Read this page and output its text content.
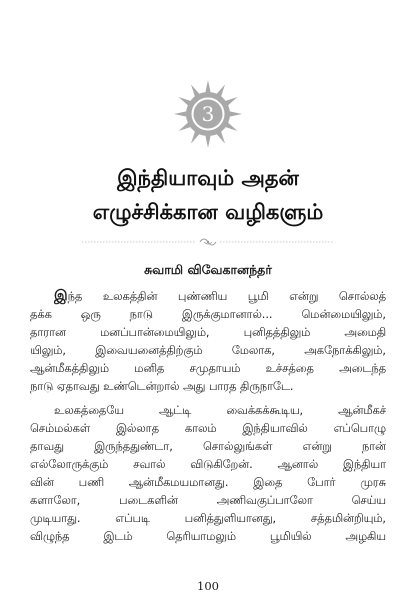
3
இந்தியாவும் அதன்
எழுச்சிக்கான வழிகளும்
சுவாமி விவேகானந்தர்
இந்த உலகத்தின் புண்ணிய பூமி என்று சொல்லத்
தக்க ஒரு நாடு இருக்குமானால்... மென்மையிலும்,
தாரான மனப்பான்மையிலும், புனிதத்திலும் அமைதி
யிலும், இவையனைத்திற்கும் மேலாக, அகநோக்கிலும்,
ஆன்மீகத்திலும் மனித சமுதாயம் உச்சத்தை அடைந்த
நாடு ஏதாவது உண்டென்றால் அது பாரத திருநாடே.
உலகத்தையே ஆட்டி வைக்கக்கூடிய, ஆன்மீகச்
செம்மல்கள் இல்லாத காலம் இந்தியாவில் எப்பொழு
தாவது இருந்ததுண்டா, சொல்லுங்கள் என்று நான்
எல்லோருக்கும் சவால் விடுகிறேன். ஆனால் இந்தியா
வின் பணி ஆன்மீகமயமானது. இதை போர் முரசு
களாலோ, படைகளின் அணிவகுப்பாலோ செய்ய
முடியாது. எப்படி பனித்துளியானது, சத்தமின்றியும்,
விழுந்த இடம் தெரியாமலும் பூமியில் அழகிய
100
